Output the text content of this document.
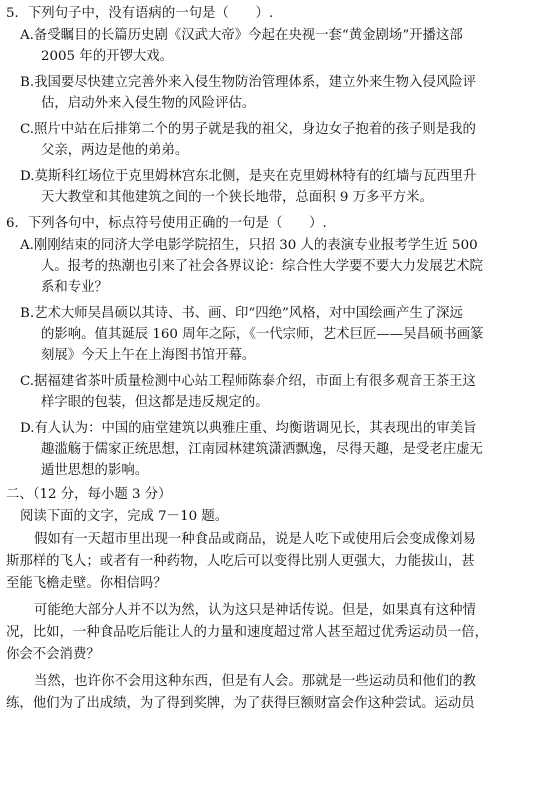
5．下列句子中，没有语病的一句是（　　）.
A.备受瞩目的长篇历史剧《汉武大帝》今起在央视一套“黄金剧场”开播这部
2005 年的开锣大戏。
B.我国要尽快建立完善外来入侵生物防治管理体系，建立外来生物入侵风险评
估，启动外来入侵生物的风险评估。
C.照片中站在后排第二个的男子就是我的祖父，身边女子抱着的孩子则是我的
父亲，两边是他的弟弟。
D.莫斯科红场位于克里姆林宫东北侧，是夹在克里姆林特有的红墙与瓦西里升
天大教堂和其他建筑之间的一个狭长地带，总面积 9 万多平方米。
6．下列各句中，标点符号使用正确的一句是（　　）.
A.刚刚结束的同济大学电影学院招生，只招 30 人的表演专业报考学生近 500
人。报考的热潮也引来了社会各界议论：综合性大学要不要大力发展艺术院
系和专业？
B.艺术大师吴昌硕以其诗、书、画、印“四绝”风格，对中国绘画产生了深远
的影响。值其诞辰 160 周年之际，《一代宗师，艺术巨匠——吴昌硕书画篆
刻展》今天上午在上海图书馆开幕。
C.据福建省茶叶质量检测中心站工程师陈泰介绍，市面上有很多观音王茶王这
样字眼的包装，但这都是违反规定的。
D.有人认为：中国的庙堂建筑以典雅庄重、均衡谐调见长，其表现出的审美旨
趣滥觞于儒家正统思想，江南园林建筑潇洒飘逸，尽得天趣，是受老庄虚无
遁世思想的影响。
二、（12 分，每小题 3 分）
阅读下面的文字，完成 7－10 题。
假如有一天超市里出现一种食品或商品，说是人吃下或使用后会变成像刘易
斯那样的飞人；或者有一种药物，人吃后可以变得比别人更强大，力能拔山，甚
至能飞檐走壁。你相信吗？
可能绝大部分人并不以为然，认为这只是神话传说。但是，如果真有这种情
况，比如，一种食品吃后能让人的力量和速度超过常人甚至超过优秀运动员一倍，
你会不会消费？
当然，也许你不会用这种东西，但是有人会。那就是一些运动员和他们的教
练，他们为了出成绩，为了得到奖牌，为了获得巨额财富会作这种尝试。运动员
